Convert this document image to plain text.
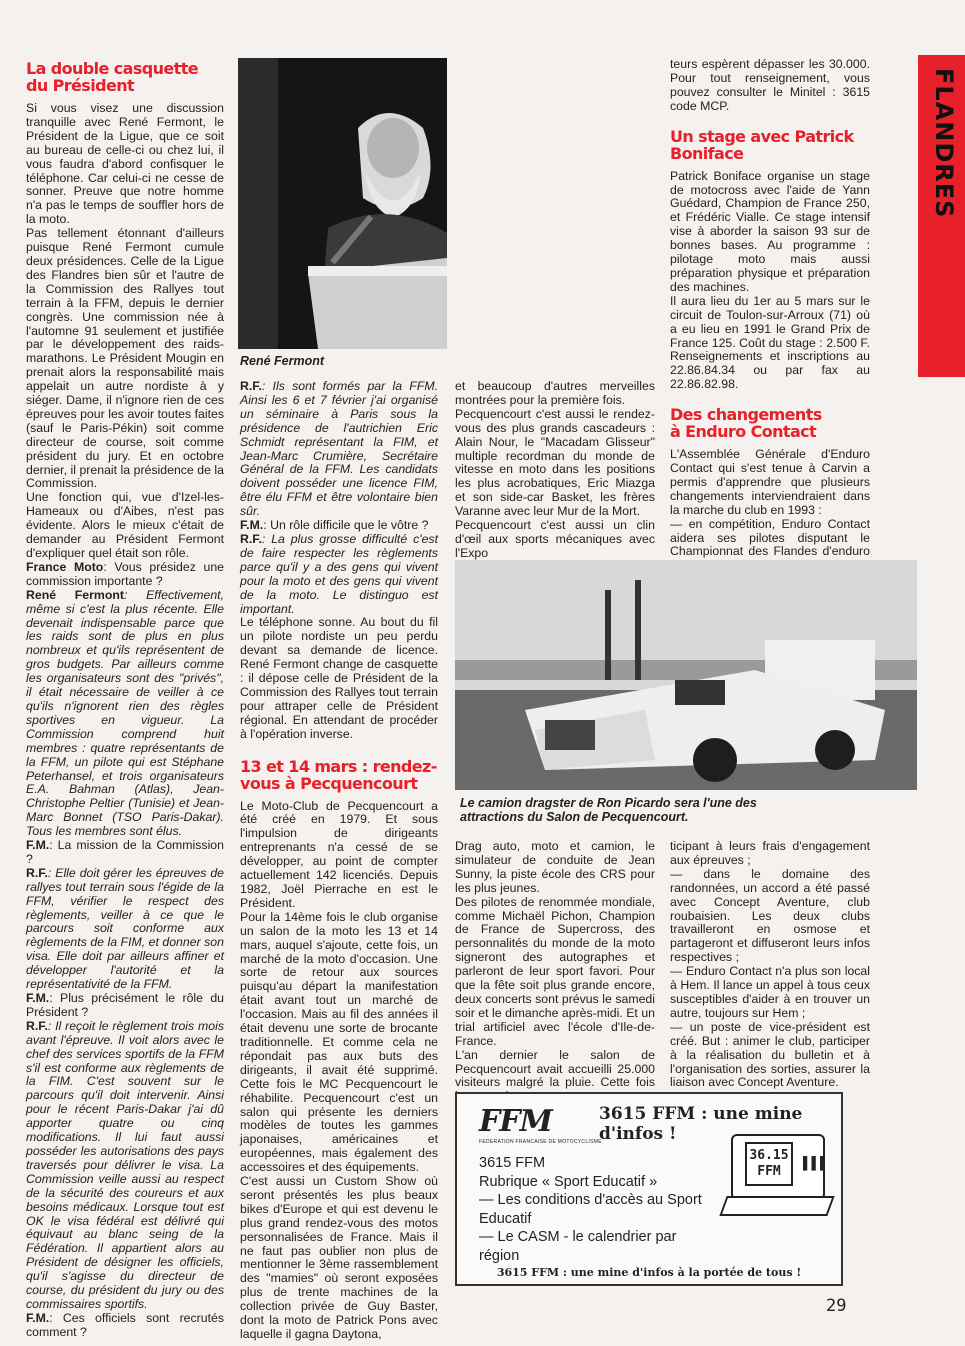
FLANDRES
La double casquette
du Président

Si vous visez une discussion tranquille avec René Fermont, le Président de la Ligue, que ce soit au bureau de celle-ci ou chez lui, il vous faudra d'abord confisquer le téléphone. Car celui-ci ne cesse de sonner. Preuve que notre homme n'a pas le temps de souffler hors de la moto.

Pas tellement étonnant d'ailleurs puisque René Fermont cumule deux présidences. Celle de la Ligue des Flandres bien sûr et l'autre de la Commission des Rallyes tout terrain à la FFM, depuis le dernier congrès. Une commission née à l'automne 91 seulement et justifiée par le développement des raids-marathons. Le Président Mougin en prenait alors la responsabilité mais appelait un autre nordiste à y siéger. Dame, il n'ignore rien de ces épreuves pour les avoir toutes faites (sauf le Paris-Pékin) soit comme directeur de course, soit comme président du jury. Et en octobre dernier, il prenait la présidence de la Commission.

Une fonction qui, vue d'Izel-les-Hameaux ou d'Aibes, n'est pas évidente. Alors le mieux c'était de demander au Président Fermont d'expliquer quel était son rôle.

France Moto: Vous présidez une commission importante ?

René Fermont: Effectivement, même si c'est la plus récente. Elle devenait indispensable parce que les raids sont de plus en plus nombreux et qu'ils représentent de gros budgets. Par ailleurs comme les organisateurs sont des "privés", il était nécessaire de veiller à ce qu'ils n'ignorent rien des règles sportives en vigueur. La Commission comprend huit membres : quatre représentants de la FFM, un pilote qui est Stéphane Peterhansel, et trois organisateurs E.A. Bahman (Atlas), Jean-Christophe Peltier (Tunisie) et Jean-Marc Bonnet (TSO Paris-Dakar). Tous les membres sont élus.

F.M.: La mission de la Commission ?

R.F.: Elle doit gérer les épreuves de rallyes tout terrain sous l'égide de la FFM, vérifier le respect des règlements, veiller à ce que le parcours soit conforme aux règlements de la FIM, et donner son visa. Elle doit par ailleurs affiner et développer l'autorité et la représentativité de la FFM.

F.M.: Plus précisément le rôle du Président ?

R.F.: Il reçoit le règlement trois mois avant l'épreuve. Il voit alors avec le chef des services sportifs de la FFM s'il est conforme aux règlements de la FIM. C'est souvent sur le parcours qu'il doit intervenir. Ainsi pour le récent Paris-Dakar j'ai dû apporter quatre ou cinq modifications. Il lui faut aussi posséder les autorisations des pays traversés pour délivrer le visa. La Commission veille aussi au respect de la sécurité des coureurs et aux besoins médicaux. Lorsque tout est OK le visa fédéral est délivré qui équivaut au blanc seing de la Fédération. Il appartient alors au Président de désigner les officiels, qu'il s'agisse du directeur de course, du président du jury ou des commissaires sportifs.

F.M.: Ces officiels sont recrutés comment ?

René Fermont

R.F.: Ils sont formés par la FFM. Ainsi les 6 et 7 février j'ai organisé un séminaire à Paris sous la présidence de l'autrichien Eric Schmidt représentant la FIM, et Jean-Marc Crumière, Secrétaire Général de la FFM. Les candidats doivent posséder une licence FIM, être élu FFM et être volontaire bien sûr.

F.M.: Un rôle difficile que le vôtre ?

R.F.: La plus grosse difficulté c'est de faire respecter les règlements parce qu'il y a des gens qui vivent pour la moto et des gens qui vivent de la moto. Le distinguo est important.

Le téléphone sonne. Au bout du fil un pilote nordiste un peu perdu devant sa demande de licence. René Fermont change de casquette : il dépose celle de Président de la Commission des Rallyes tout terrain pour attraper celle de Président régional. En attendant de procéder à l'opération inverse.

13 et 14 mars : rendez-
vous à Pecquencourt

Le Moto-Club de Pecquencourt a été créé en 1979. Et sous l'impulsion de dirigeants entreprenants n'a cessé de se développer, au point de compter actuellement 142 licenciés. Depuis 1982, Joël Pierrache en est le Président.

Pour la 14ème fois le club organise un salon de la moto les 13 et 14 mars, auquel s'ajoute, cette fois, un marché de la moto d'occasion. Une sorte de retour aux sources puisqu'au départ la manifestation était avant tout un marché de l'occasion. Mais au fil des années il était devenu une sorte de brocante traditionnelle. Et comme cela ne répondait pas aux buts des dirigeants, il avait été supprimé. Cette fois le MC Pecquencourt le réhabilite. Pecquencourt c'est un salon qui présente les derniers modèles de toutes les gammes japonaises, américaines et européennes, mais également des accessoires et des équipements.

C'est aussi un Custom Show où seront présentés les plus beaux bikes d'Europe et qui est devenu le plus grand rendez-vous des motos personnalisées de France. Mais il ne faut pas oublier non plus de mentionner le 3ème rassemblement des "mamies" où seront exposées plus de trente machines de la collection privée de Guy Baster, dont la moto de Patrick Pons avec laquelle il gagna Daytona,

et beaucoup d'autres merveilles montrées pour la première fois.

Pecquencourt c'est aussi le rendez-vous des plus grands cascadeurs : Alain Nour, le "Macadam Glisseur" multiple recordman du monde de vitesse en moto dans les positions les plus acrobatiques, Eric Miazga et son side-car Basket, les frères Varanne avec leur Mur de la Mort.

Pecquencourt c'est aussi un clin d'œil aux sports mécaniques avec l'Expo

teurs espèrent dépasser les 30.000. Pour tout renseignement, vous pouvez consulter le Minitel : 3615 code MCP.

Un stage avec Patrick
Boniface

Patrick Boniface organise un stage de motocross avec l'aide de Yann Guédard, Champion de France 250, et Frédéric Vialle. Ce stage intensif vise à aborder la saison 93 sur de bonnes bases. Au programme : pilotage moto mais aussi préparation physique et préparation des machines.

Il aura lieu du 1er au 5 mars sur le circuit de Toulon-sur-Arroux (71) où a eu lieu en 1991 le Grand Prix de France 125. Coût du stage : 2.500 F. Renseignements et inscriptions au 22.86.84.34 ou par fax au 22.86.82.98.

Des changements
à Enduro Contact

L'Assemblée Générale d'Enduro Contact qui s'est tenue à Carvin a permis d'apprendre que plusieurs changements interviendraient dans la marche du club en 1993 :

— en compétition, Enduro Contact aidera ses pilotes disputant le Championnat des Flandes d'enduro

Le camion dragster de Ron Picardo sera l'une des attractions du Salon de Pecquencourt.

Drag auto, moto et camion, le simulateur de conduite de Jean Sunny, la piste école des CRS pour les plus jeunes.

Des pilotes de renommée mondiale, comme Michaël Pichon, Champion de France de Supercross, des personnalités du monde de la moto signeront des autographes et parleront de leur sport favori. Pour que la fête soit plus grande encore, deux concerts sont prévus le samedi soir et le dimanche après-midi. Et un trial artificiel avec l'école d'Ile-de-France.

L'an dernier le salon de Pecquencourt avait accueilli 25.000 visiteurs malgré la pluie. Cette fois

ticipant à leurs frais d'engagement aux épreuves ;

— dans le domaine des randonnées, un accord a été passé avec Concept Aventure, club roubaisien. Les deux clubs travailleront en osmose et partageront et diffuseront leurs infos respectives ;

— Enduro Contact n'a plus son local à Hem. Il lance un appel à tous ceux susceptibles d'aider à en trouver un autre, toujours sur Hem ;

— un poste de vice-président est créé. But : animer le club, participer à la réalisation du bulletin et à l'organisation des sorties, assurer la liaison avec Concept Aventure.

FFM
FEDERATION FRANCAISE DE MOTOCYCLISME
3615 FFM : une mine d'infos !
3615 FFM
Rubrique « Sport Educatif »
— Les conditions d'accès au Sport Educatif
— Le CASM - le calendrier par région
36.15
FFM
▌▌▌
3615 FFM : une mine d'infos à la portée de tous !
29
